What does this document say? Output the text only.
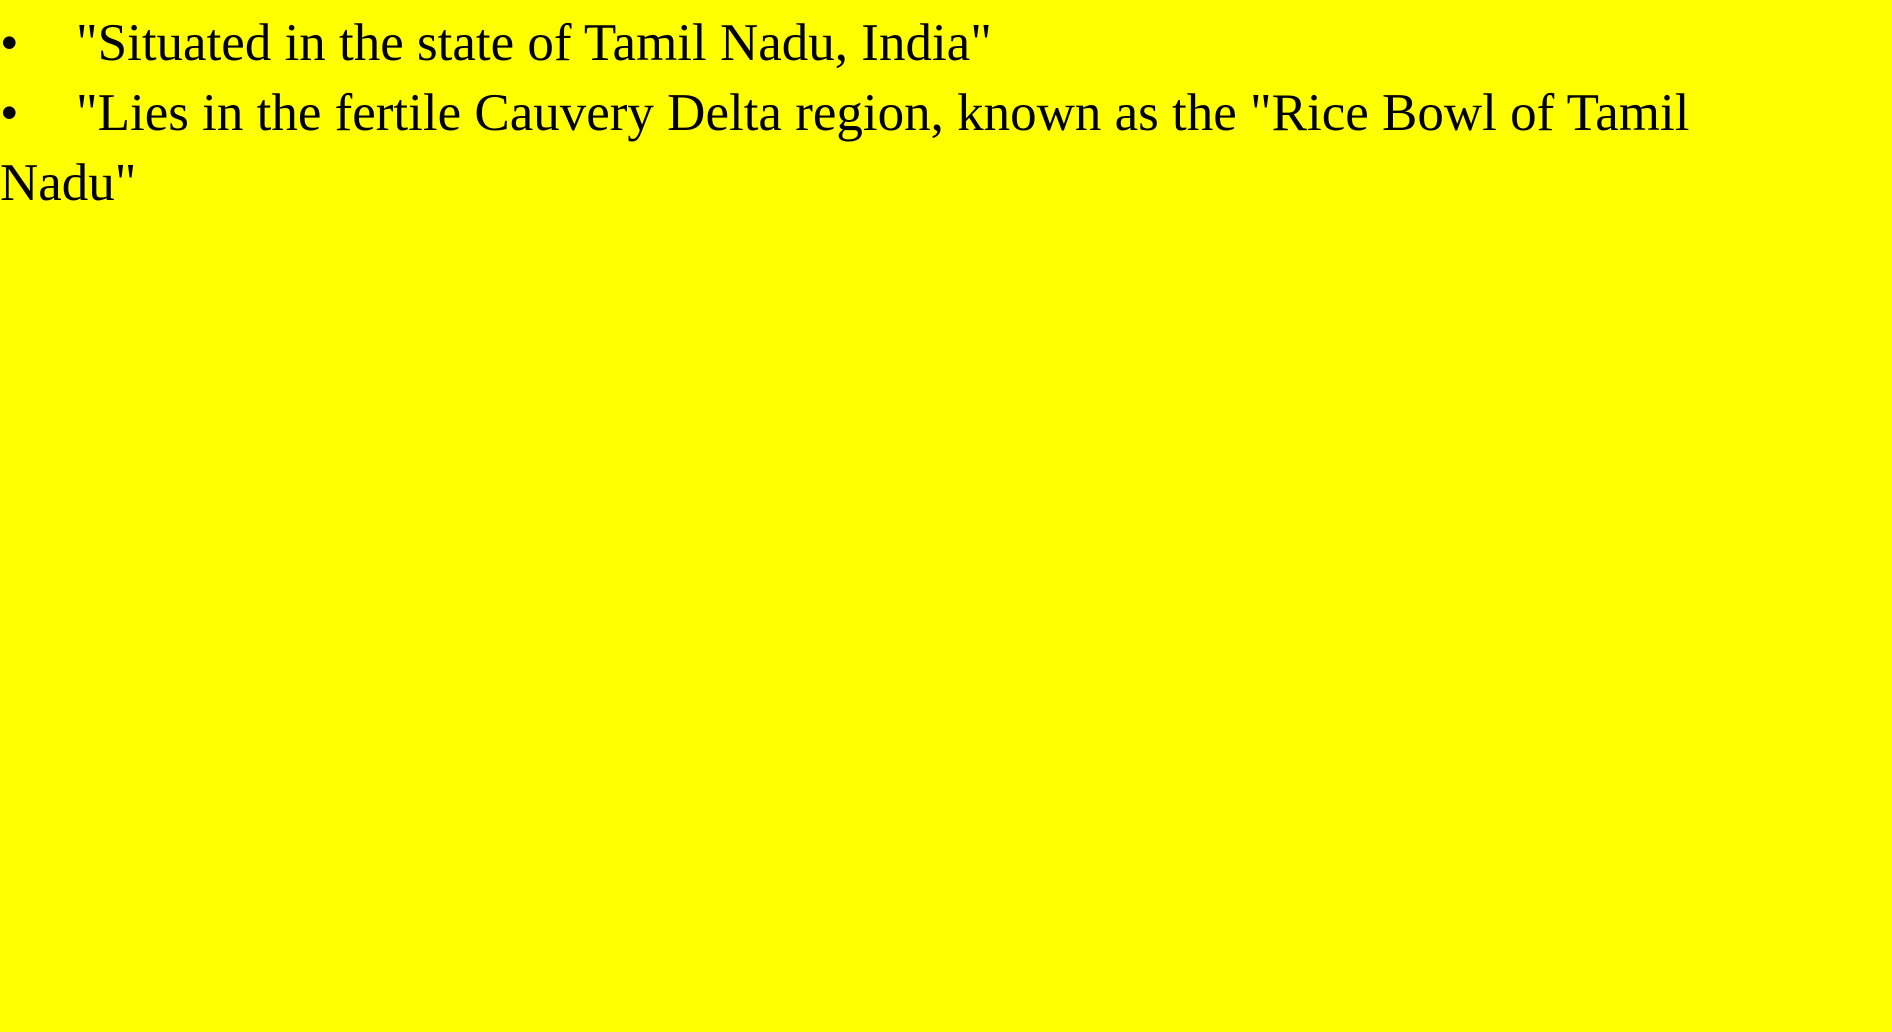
• "Situated in the state of Tamil Nadu, India"
• "Lies in the fertile Cauvery Delta region, known as the "Rice Bowl of Tamil Nadu"
